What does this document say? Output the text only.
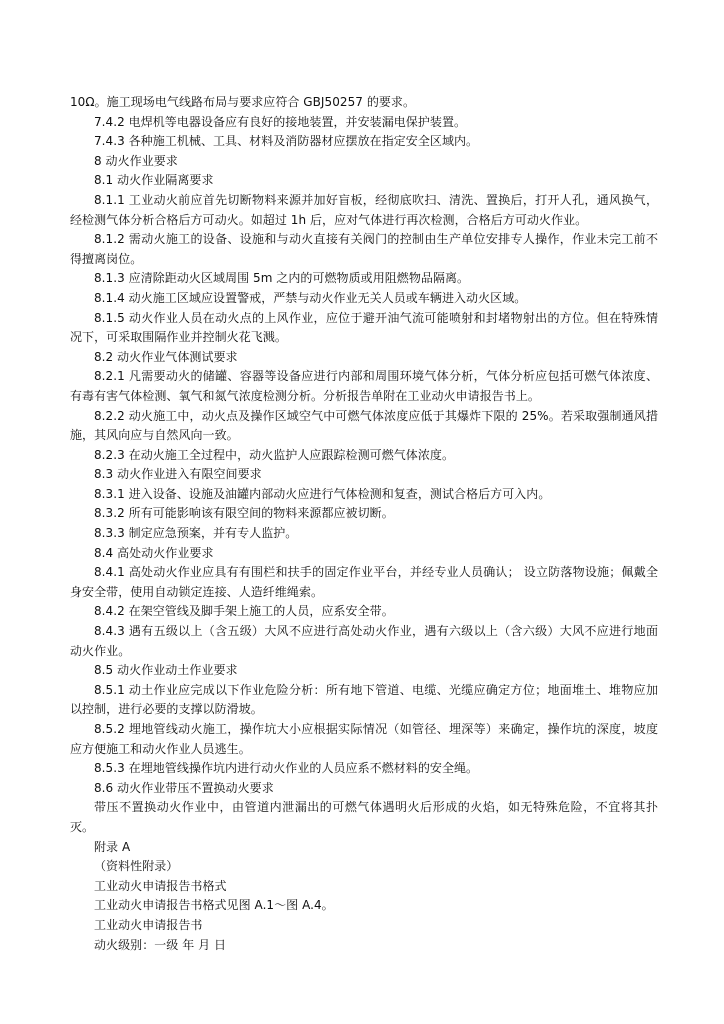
10Ω。施工现场电气线路布局与要求应符合 GBJ50257 的要求。

7.4.2 电焊机等电器设备应有良好的接地装置，并安装漏电保护装置。

7.4.3 各种施工机械、工具、材料及消防器材应摆放在指定安全区域内。

8 动火作业要求

8.1 动火作业隔离要求

8.1.1 工业动火前应首先切断物料来源并加好盲板，经彻底吹扫、清洗、置换后，打开人孔，通风换气，经检测气体分析合格后方可动火。如超过 1h 后，应对气体进行再次检测，合格后方可动火作业。

8.1.2 需动火施工的设备、设施和与动火直接有关阀门的控制由生产单位安排专人操作，作业未完工前不得擅离岗位。

8.1.3 应清除距动火区域周围 5m 之内的可燃物质或用阻燃物品隔离。

8.1.4 动火施工区域应设置警戒，严禁与动火作业无关人员或车辆进入动火区域。

8.1.5 动火作业人员在动火点的上风作业，应位于避开油气流可能喷射和封堵物射出的方位。但在特殊情况下，可采取围隔作业并控制火花飞溅。

8.2 动火作业气体测试要求

8.2.1 凡需要动火的储罐、容器等设备应进行内部和周围环境气体分析，气体分析应包括可燃气体浓度、有毒有害气体检测、氧气和氮气浓度检测分析。分析报告单附在工业动火申请报告书上。

8.2.2 动火施工中，动火点及操作区域空气中可燃气体浓度应低于其爆炸下限的 25%。若采取强制通风措施，其风向应与自然风向一致。

8.2.3 在动火施工全过程中，动火监护人应跟踪检测可燃气体浓度。

8.3 动火作业进入有限空间要求

8.3.1 进入设备、设施及油罐内部动火应进行气体检测和复查，测试合格后方可入内。

8.3.2 所有可能影响该有限空间的物料来源都应被切断。

8.3.3 制定应急预案，并有专人监护。

8.4 高处动火作业要求

8.4.1 高处动火作业应具有有围栏和扶手的固定作业平台，并经专业人员确认； 设立防落物设施；佩戴全身安全带，使用自动锁定连接、人造纤维绳索。

8.4.2 在架空管线及脚手架上施工的人员，应系安全带。

8.4.3 遇有五级以上（含五级）大风不应进行高处动火作业，遇有六级以上（含六级）大风不应进行地面动火作业。

8.5 动火作业动土作业要求

8.5.1 动土作业应完成以下作业危险分析：所有地下管道、电缆、光缆应确定方位；地面堆土、堆物应加以控制，进行必要的支撑以防滑坡。

8.5.2 埋地管线动火施工，操作坑大小应根据实际情况（如管径、埋深等）来确定，操作坑的深度，坡度应方便施工和动火作业人员逃生。

8.5.3 在埋地管线操作坑内进行动火作业的人员应系不燃材料的安全绳。

8.6 动火作业带压不置换动火要求

带压不置换动火作业中，由管道内泄漏出的可燃气体遇明火后形成的火焰，如无特殊危险，不宜将其扑灭。

附录 A

（资料性附录）

工业动火申请报告书格式

工业动火申请报告书格式见图 A.1～图 A.4。

工业动火申请报告书

动火级别：一级 年 月 日
